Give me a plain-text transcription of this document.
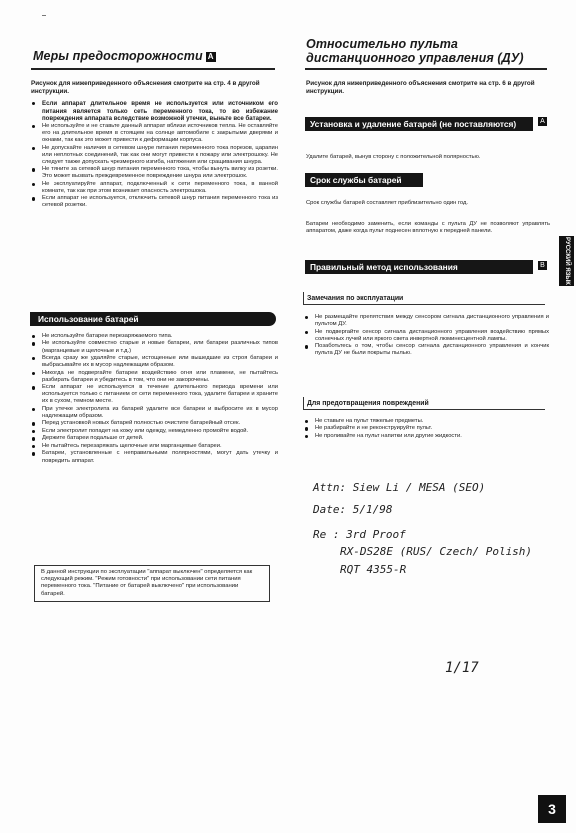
Меры предосторожности A
Рисунок для нижеприведенного объяснения смотрите на стр. 4 в другой инструкции.
Если аппарат длительное время не используется или источником его питания является только сеть переменного тока, то во избежание повреждения аппарата вследствие возможной утечки, выньте все батареи.
Не используйте и не ставьте данный аппарат вблизи источников тепла. Не оставляйте его на длительное время в стоящем на солнце автомобиле с закрытыми дверями и окнами, так как это может привести к деформации корпуса.
Не допускайте наличия в сетевом шнуре питания переменного тока порезов, царапин или неплотных соединений, так как они могут привести к пожару или электрошоку. Не следует также допускать чрезмерного изгиба, натяжения или сращивания шнура.
Не тяните за сетевой шнур питания переменного тока, чтобы вынуть вилку из розетки. Это может вызвать преждевременное повреждение шнура или электрошок.
Не эксплуатируйте аппарат, подключенный к сети переменного тока, в ванной комнате, так как при этом возникает опасность электрошока.
Если аппарат не используется, отключить сетевой шнур питания переменного тока из сетевой розетки.
Использование батарей
Не используйте батареи перезаряжаемого типа.
Не используйте совместно старые и новые батареи, или батареи различных типов (марганцевые и щелочные и т.д.)
Всегда сразу же удаляйте старые, истощенные или вышедшие из строя батареи и выбрасывайте их в мусор надлежащим образом.
Никогда не подвергайте батареи воздействию огня или пламени, не пытайтесь разбирать батареи и убедитесь в том, что они не закорочены.
Если аппарат не используется в течение длительного периода времени или используется только с питанием от сети переменного тока, удалите батареи и храните их в сухом, темном месте.
При утечке электролита из батарей удалите все батареи и выбросите их в мусор надлежащим образом.
Перед установкой новых батарей полностью очистите батарейный отсек.
Если электролит попадет на кожу или одежду, немедленно промойте водой.
Держите батареи подальше от детей.
Не пытайтесь перезаряжать щелочные или марганцевые батареи.
Батареи, установленные с неправильными полярностями, могут дать утечку и повредить аппарат.
В данной инструкции по эксплуатации "аппарат выключен" определяется как следующий режим. "Режим готовности" при использовании сети питания переменного тока. "Питание от батарей выключено" при использовании батарей.
Относительно пульта дистанционного управления (ДУ)
Рисунок для нижеприведенного объяснения смотрите на стр. 6 в другой инструкции.
Установка и удаление батарей (не поставляются)	A
Удалите батарей, вынув сторону с положительной полярностью.
Срок службы батарей
Срок службы батарей составляет приблизительно один год.
Батареи необходимо заменить, если команды с пульта ДУ не позволяют управлять аппаратом, даже когда пульт поднесен вплотную к передней панели.
Правильный метод использования	B
Замечания по эксплуатации
Не размещайте препятствия между сенсором сигнала дистанционного управления и пультом ДУ.
Не подвергайте сенсор сигнала дистанционного управления воздействию прямых солнечных лучей или яркого света инвертной люминесцентной лампы.
Позаботьтесь о том, чтобы сенсор сигнала дистанционного управления и кончик пульта ДУ не были покрыты пылью.
Для предотвращения повреждений
Не ставьте на пульт тяжелые предметы.
Не разбирайте и не реконструируйте пульт.
Не проливайте на пульт напитки или другие жидкости.
РУССКИЙ ЯЗЫК
Attn: Siew Li / MESA (SEO)
Date: 5/1/98
Re : 3rd Proof
RX-DS28E (RUS/ Czech/ Polish)
RQT 4355-R
1/17
3
